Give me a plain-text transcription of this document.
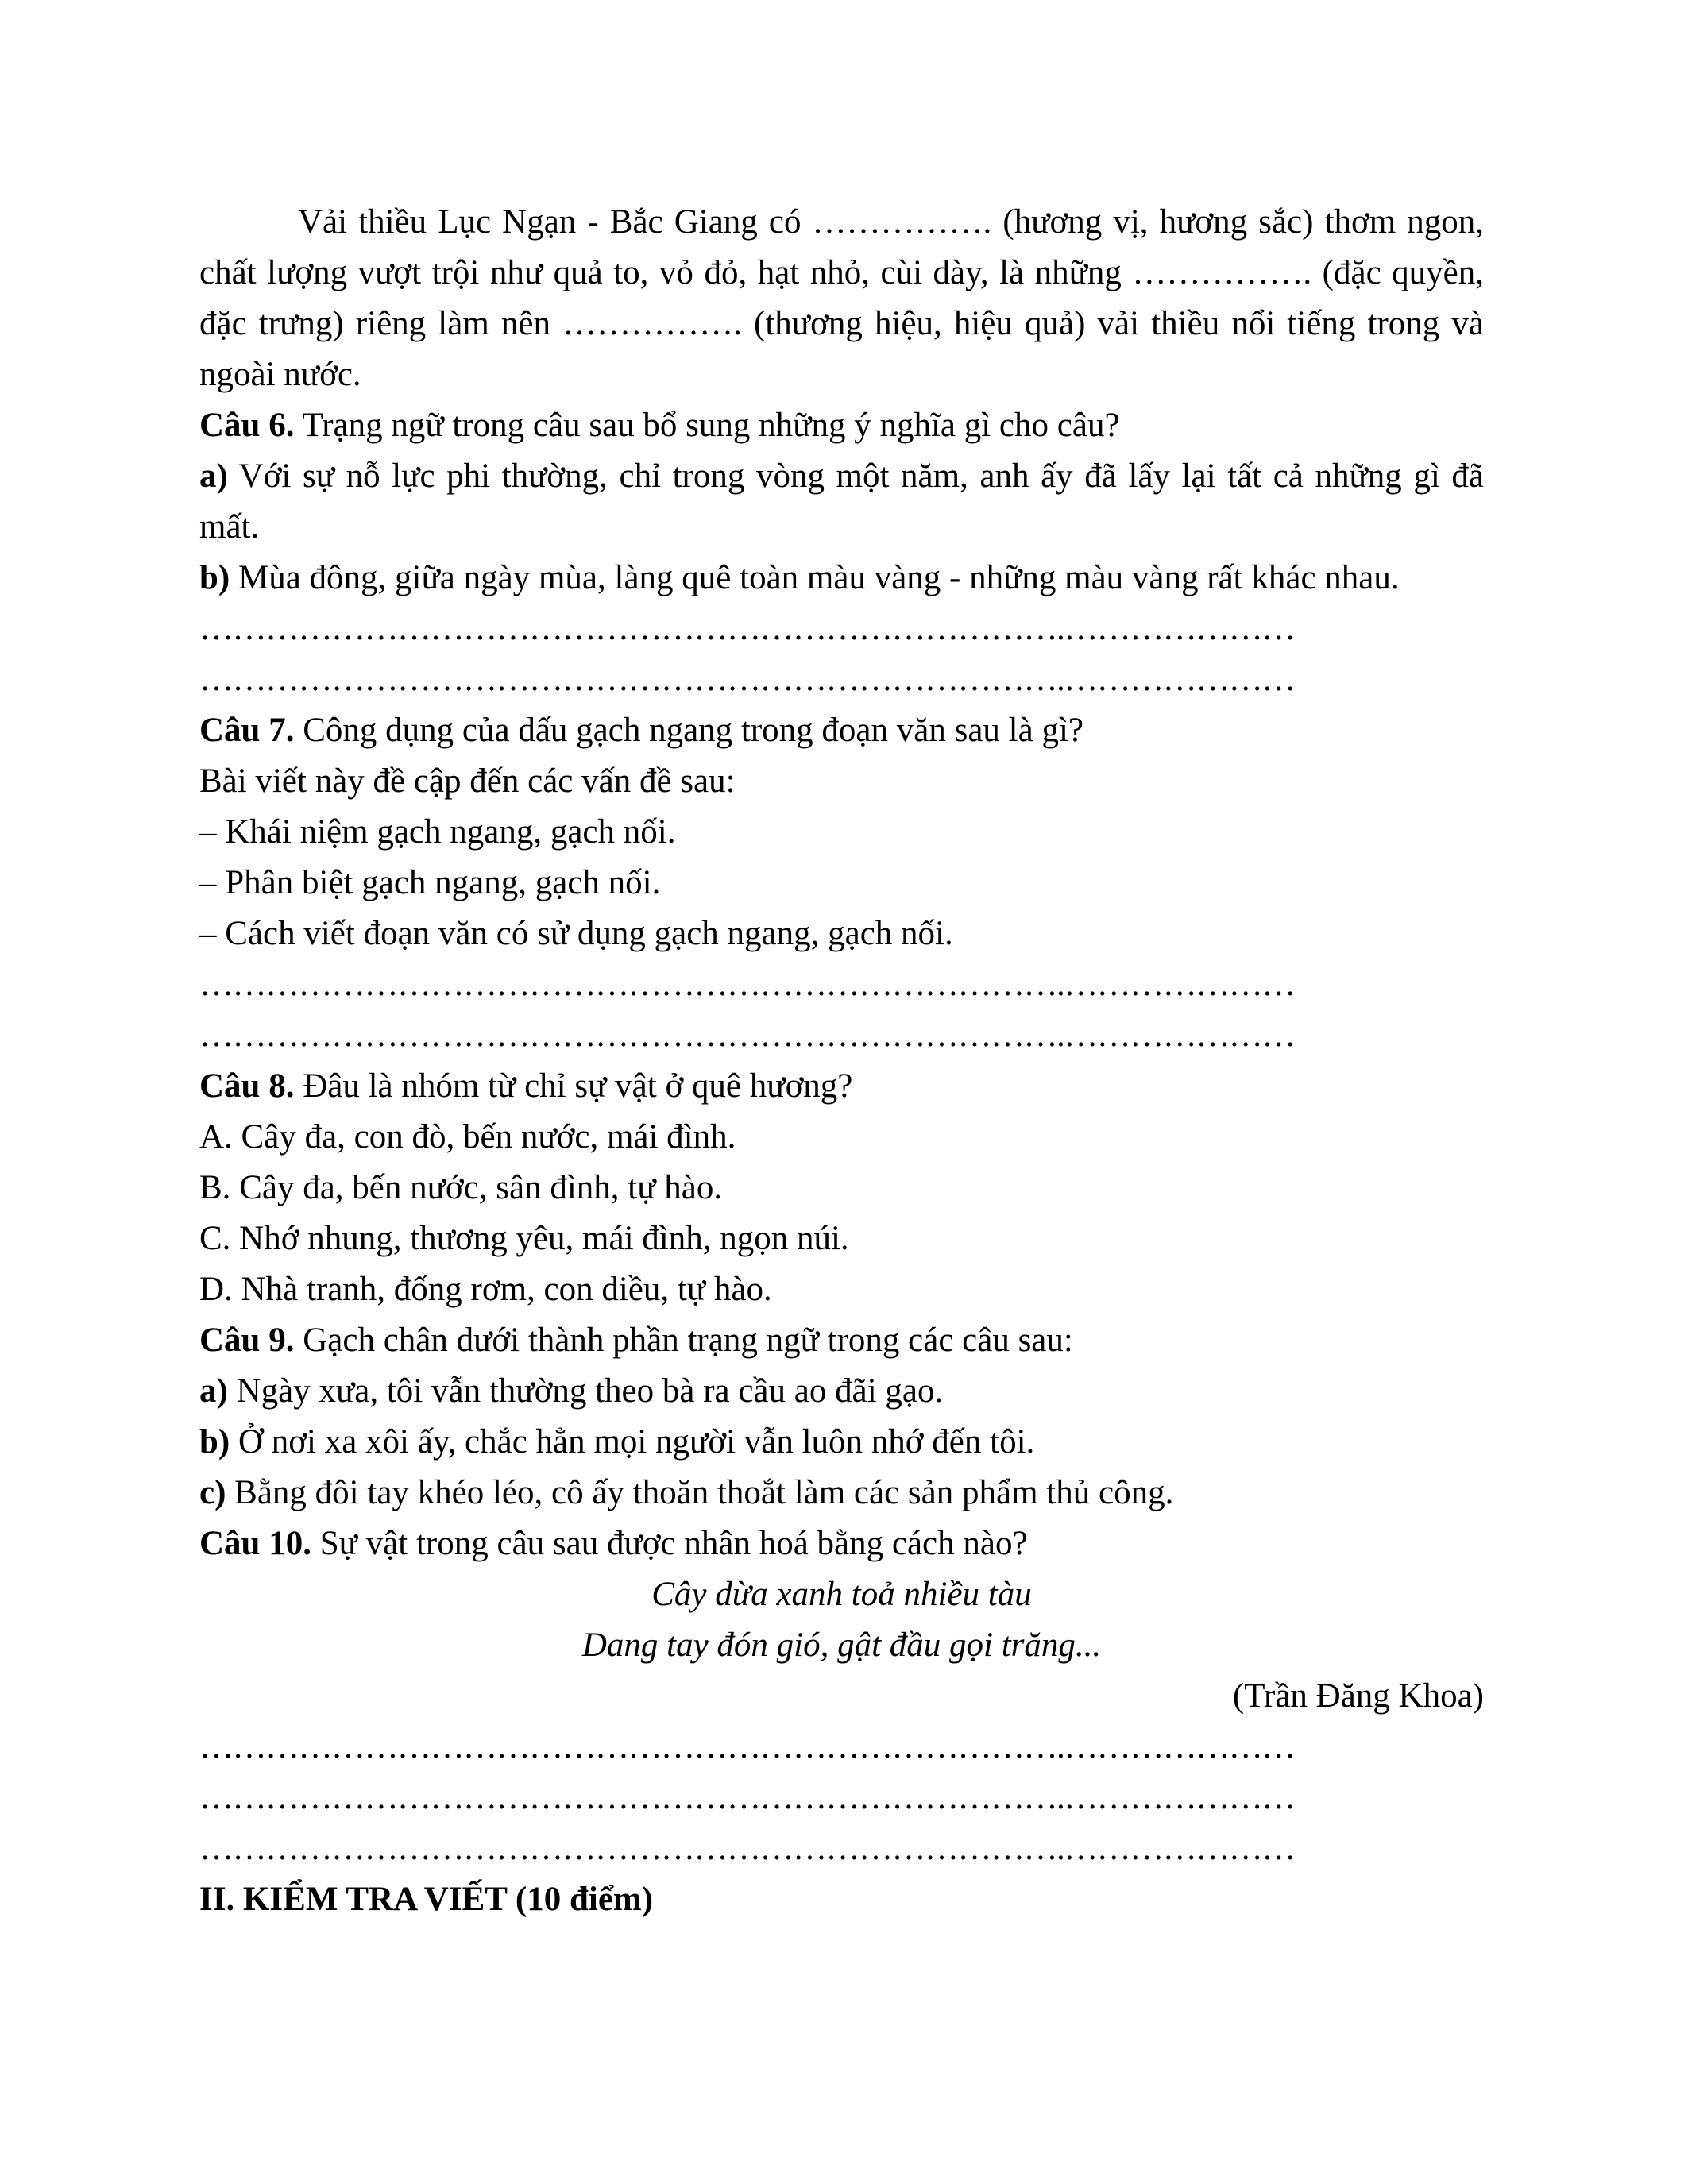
Vải thiều Lục Ngạn - Bắc Giang có ……………. (hương vị, hương sắc) thơm ngon, chất lượng vượt trội như quả to, vỏ đỏ, hạt nhỏ, cùi dày, là những ……………. (đặc quyền, đặc trưng) riêng làm nên ……………. (thương hiệu, hiệu quả) vải thiều nổi tiếng trong và ngoài nước.

Câu 6. Trạng ngữ trong câu sau bổ sung những ý nghĩa gì cho câu?

a) Với sự nỗ lực phi thường, chỉ trong vòng một năm, anh ấy đã lấy lại tất cả những gì đã mất.

b) Mùa đông, giữa ngày mùa, làng quê toàn màu vàng - những màu vàng rất khác nhau.

…………………………………………………………………….…………………
…………………………………………………………………….…………………

Câu 7. Công dụng của dấu gạch ngang trong đoạn văn sau là gì?

Bài viết này đề cập đến các vấn đề sau:

– Khái niệm gạch ngang, gạch nối.

– Phân biệt gạch ngang, gạch nối.

– Cách viết đoạn văn có sử dụng gạch ngang, gạch nối.

…………………………………………………………………….…………………
…………………………………………………………………….…………………

Câu 8. Đâu là nhóm từ chỉ sự vật ở quê hương?

A. Cây đa, con đò, bến nước, mái đình.

B. Cây đa, bến nước, sân đình, tự hào.

C. Nhớ nhung, thương yêu, mái đình, ngọn núi.

D. Nhà tranh, đống rơm, con diều, tự hào.

Câu 9. Gạch chân dưới thành phần trạng ngữ trong các câu sau:

a) Ngày xưa, tôi vẫn thường theo bà ra cầu ao đãi gạo.

b) Ở nơi xa xôi ấy, chắc hẳn mọi người vẫn luôn nhớ đến tôi.

c) Bằng đôi tay khéo léo, cô ấy thoăn thoắt làm các sản phẩm thủ công.

Câu 10. Sự vật trong câu sau được nhân hoá bằng cách nào?

Cây dừa xanh toả nhiều tàu

Dang tay đón gió, gật đầu gọi trăng...

(Trần Đăng Khoa)

…………………………………………………………………….…………………
…………………………………………………………………….…………………
…………………………………………………………………….…………………

II. KIỂM TRA VIẾT (10 điểm)
